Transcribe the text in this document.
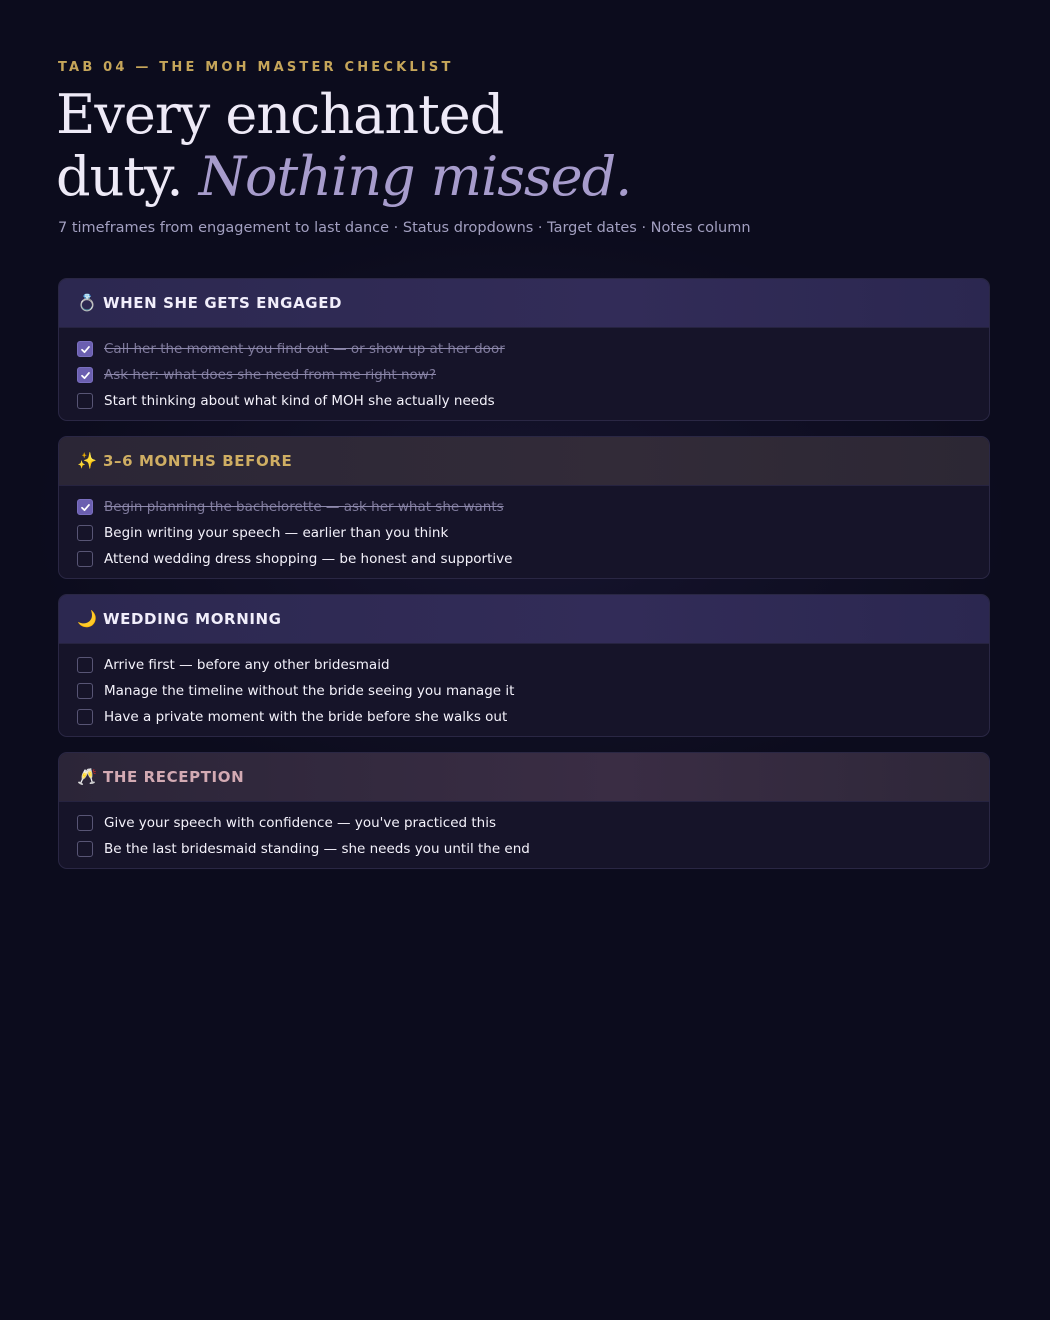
TAB 04 — THE MOH MASTER CHECKLIST
Every enchanted
duty. Nothing missed.
7 timeframes from engagement to last dance · Status dropdowns · Target dates · Notes column
💍 WHEN SHE GETS ENGAGED
Call her the moment you find out — or show up at her door
Ask her: what does she need from me right now?
Start thinking about what kind of MOH she actually needs
✨ 3–6 MONTHS BEFORE
Begin planning the bachelorette — ask her what she wants
Begin writing your speech — earlier than you think
Attend wedding dress shopping — be honest and supportive
🌙 WEDDING MORNING
Arrive first — before any other bridesmaid
Manage the timeline without the bride seeing you manage it
Have a private moment with the bride before she walks out
🥂 THE RECEPTION
Give your speech with confidence — you've practiced this
Be the last bridesmaid standing — she needs you until the end
